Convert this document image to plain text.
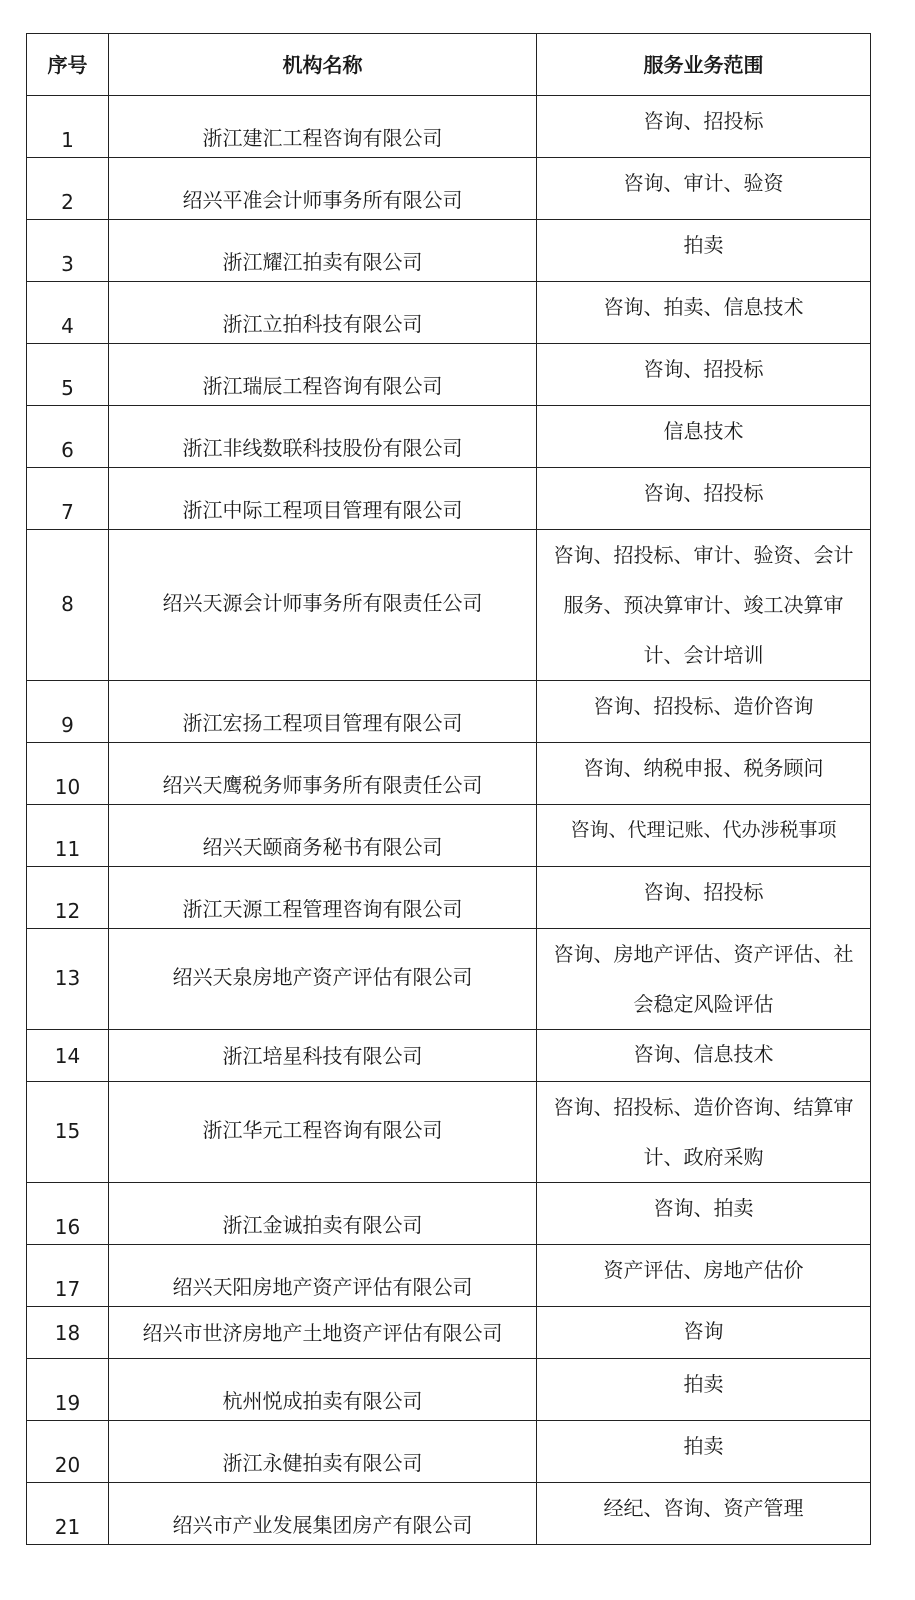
序号	机构名称	服务业务范围
1	浙江建汇工程咨询有限公司	咨询、招投标
2	绍兴平准会计师事务所有限公司	咨询、审计、验资
3	浙江耀江拍卖有限公司	拍卖
4	浙江立拍科技有限公司	咨询、拍卖、信息技术
5	浙江瑞辰工程咨询有限公司	咨询、招投标
6	浙江非线数联科技股份有限公司	信息技术
7	浙江中际工程项目管理有限公司	咨询、招投标
8	绍兴天源会计师事务所有限责任公司	咨询、招投标、审计、验资、会计服务、预决算审计、竣工决算审计、会计培训
9	浙江宏扬工程项目管理有限公司	咨询、招投标、造价咨询
10	绍兴天鹰税务师事务所有限责任公司	咨询、纳税申报、税务顾问
11	绍兴天颐商务秘书有限公司	咨询、代理记账、代办涉税事项
12	浙江天源工程管理咨询有限公司	咨询、招投标
13	绍兴天泉房地产资产评估有限公司	咨询、房地产评估、资产评估、社会稳定风险评估
14	浙江培星科技有限公司	咨询、信息技术
15	浙江华元工程咨询有限公司	咨询、招投标、造价咨询、结算审计、政府采购
16	浙江金诚拍卖有限公司	咨询、拍卖
17	绍兴天阳房地产资产评估有限公司	资产评估、房地产估价
18	绍兴市世济房地产土地资产评估有限公司	咨询
19	杭州悦成拍卖有限公司	拍卖
20	浙江永健拍卖有限公司	拍卖
21	绍兴市产业发展集团房产有限公司	经纪、咨询、资产管理
